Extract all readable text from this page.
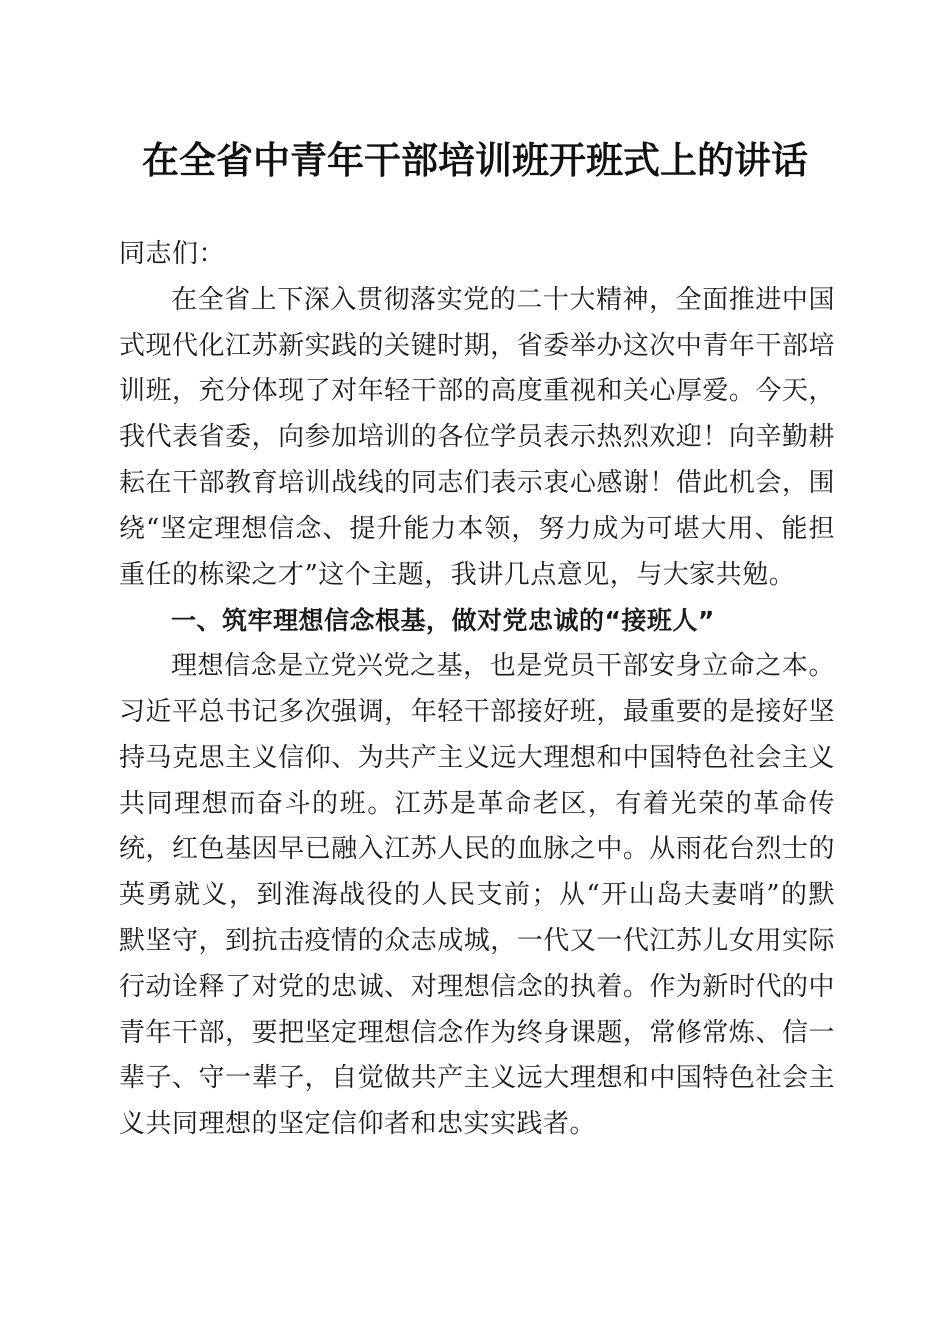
在全省中青年干部培训班开班式上的讲话

同志们：

在全省上下深入贯彻落实党的二十大精神，全面推进中国式现代化江苏新实践的关键时期，省委举办这次中青年干部培训班，充分体现了对年轻干部的高度重视和关心厚爱。今天，我代表省委，向参加培训的各位学员表示热烈欢迎！向辛勤耕耘在干部教育培训战线的同志们表示衷心感谢！借此机会，围绕“坚定理想信念、提升能力本领，努力成为可堪大用、能担重任的栋梁之才”这个主题，我讲几点意见，与大家共勉。

一、筑牢理想信念根基，做对党忠诚的“接班人”

理想信念是立党兴党之基，也是党员干部安身立命之本。习近平总书记多次强调，年轻干部接好班，最重要的是接好坚持马克思主义信仰、为共产主义远大理想和中国特色社会主义共同理想而奋斗的班。江苏是革命老区，有着光荣的革命传统，红色基因早已融入江苏人民的血脉之中。从雨花台烈士的英勇就义，到淮海战役的人民支前；从“开山岛夫妻哨”的默默坚守，到抗击疫情的众志成城，一代又一代江苏儿女用实际行动诠释了对党的忠诚、对理想信念的执着。作为新时代的中青年干部，要把坚定理想信念作为终身课题，常修常炼、信一辈子、守一辈子，自觉做共产主义远大理想和中国特色社会主义共同理想的坚定信仰者和忠实实践者。
